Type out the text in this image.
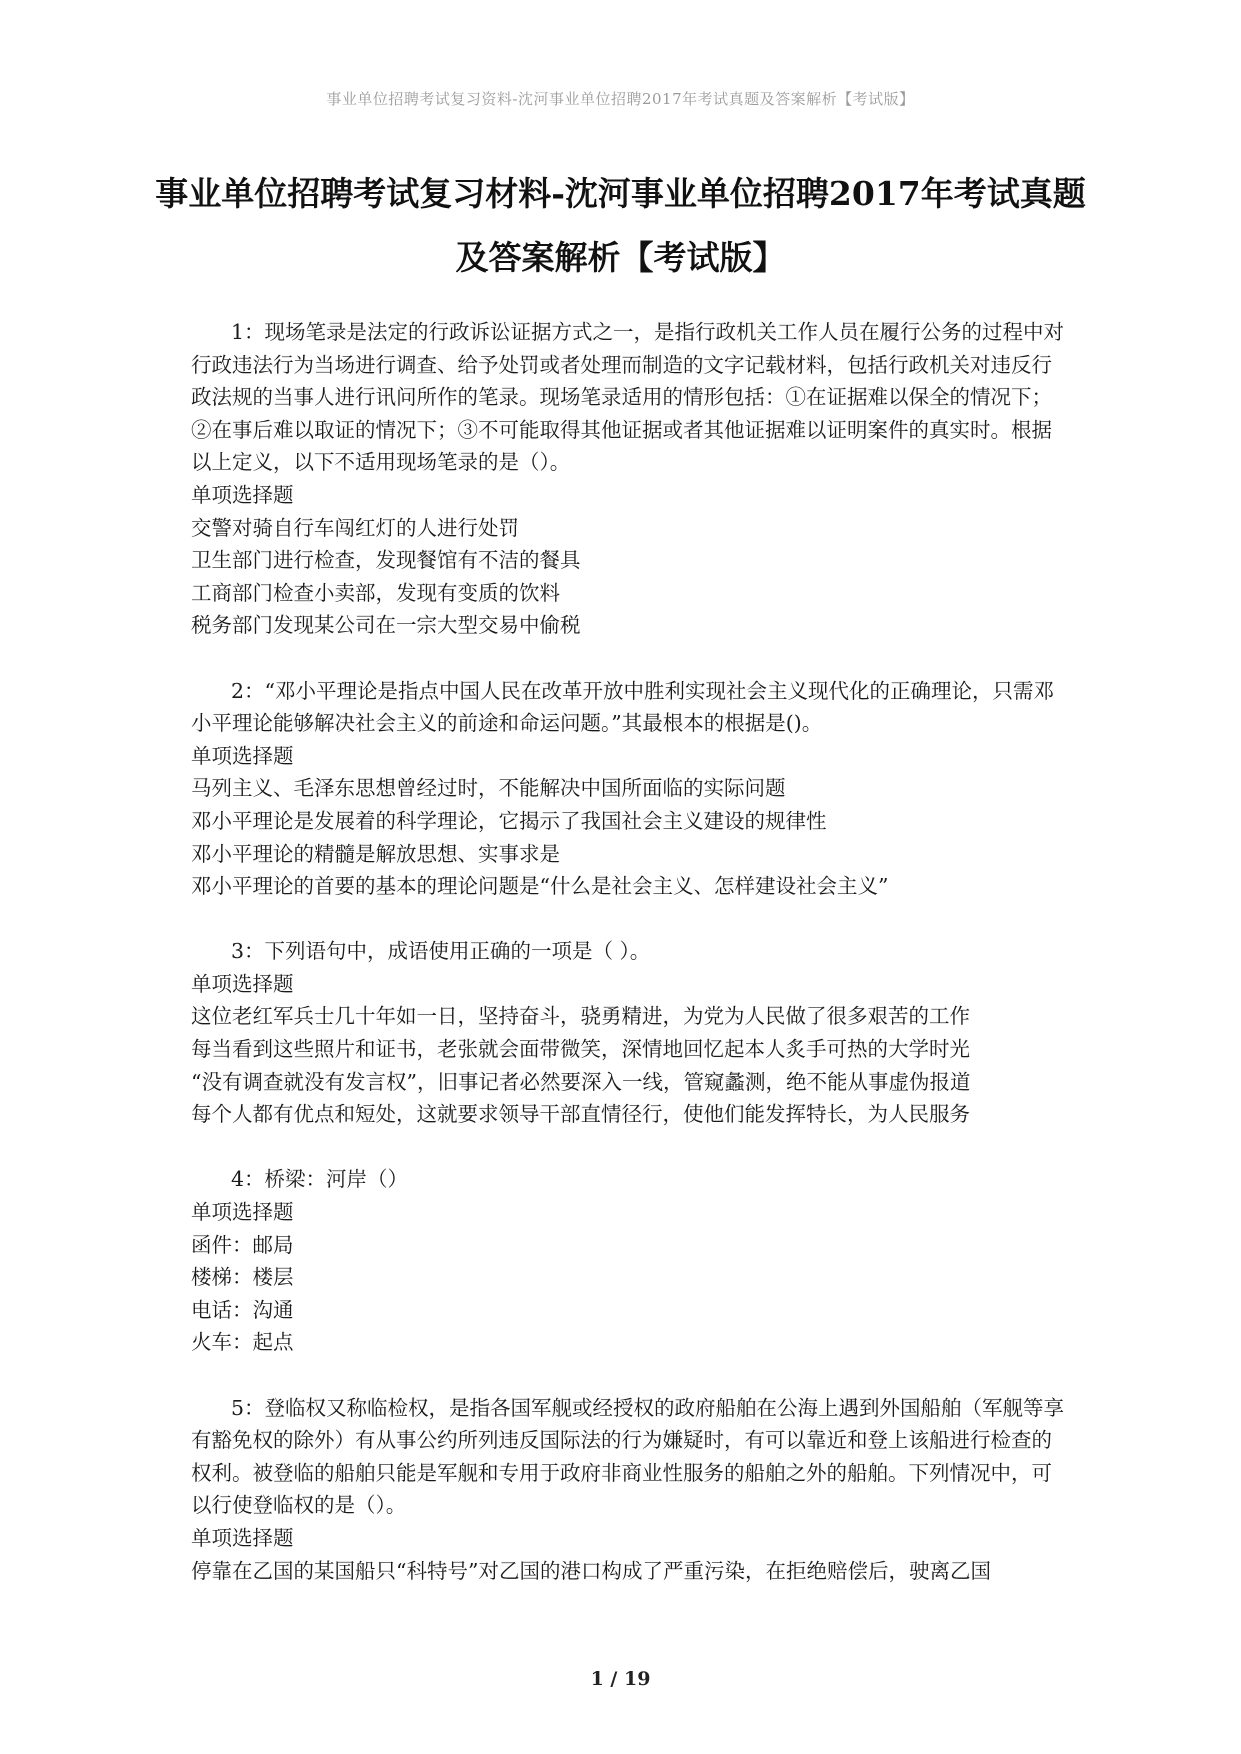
事业单位招聘考试复习资料-沈河事业单位招聘2017年考试真题及答案解析【考试版】
事业单位招聘考试复习材料-沈河事业单位招聘2017年考试真题及答案解析【考试版】

1：现场笔录是法定的行政诉讼证据方式之一，是指行政机关工作人员在履行公务的过程中对行政违法行为当场进行调查、给予处罚或者处理而制造的文字记载材料，包括行政机关对违反行政法规的当事人进行讯问所作的笔录。现场笔录适用的情形包括：①在证据难以保全的情况下；②在事后难以取证的情况下；③不可能取得其他证据或者其他证据难以证明案件的真实时。根据以上定义，以下不适用现场笔录的是（）。

单项选择题

交警对骑自行车闯红灯的人进行处罚

卫生部门进行检查，发现餐馆有不洁的餐具

工商部门检查小卖部，发现有变质的饮料

税务部门发现某公司在一宗大型交易中偷税

2：“邓小平理论是指点中国人民在改革开放中胜利实现社会主义现代化的正确理论，只需邓小平理论能够解决社会主义的前途和命运问题。”其最根本的根据是()。

单项选择题

马列主义、毛泽东思想曾经过时，不能解决中国所面临的实际问题

邓小平理论是发展着的科学理论，它揭示了我国社会主义建设的规律性

邓小平理论的精髓是解放思想、实事求是

邓小平理论的首要的基本的理论问题是“什么是社会主义、怎样建设社会主义”

3：下列语句中，成语使用正确的一项是（ ）。

单项选择题

这位老红军兵士几十年如一日，坚持奋斗，骁勇精进，为党为人民做了很多艰苦的工作

每当看到这些照片和证书，老张就会面带微笑，深情地回忆起本人炙手可热的大学时光

“没有调查就没有发言权”，旧事记者必然要深入一线，管窥蠡测，绝不能从事虚伪报道

每个人都有优点和短处，这就要求领导干部直情径行，使他们能发挥特长，为人民服务

4：桥梁：河岸（）

单项选择题

函件：邮局

楼梯：楼层

电话：沟通

火车：起点

5：登临权又称临检权，是指各国军舰或经授权的政府船舶在公海上遇到外国船舶（军舰等享有豁免权的除外）有从事公约所列违反国际法的行为嫌疑时，有可以靠近和登上该船进行检查的权利。被登临的船舶只能是军舰和专用于政府非商业性服务的船舶之外的船舶。下列情况中，可以行使登临权的是（）。

单项选择题

停靠在乙国的某国船只“科特号”对乙国的港口构成了严重污染，在拒绝赔偿后，驶离乙国

1 / 19
